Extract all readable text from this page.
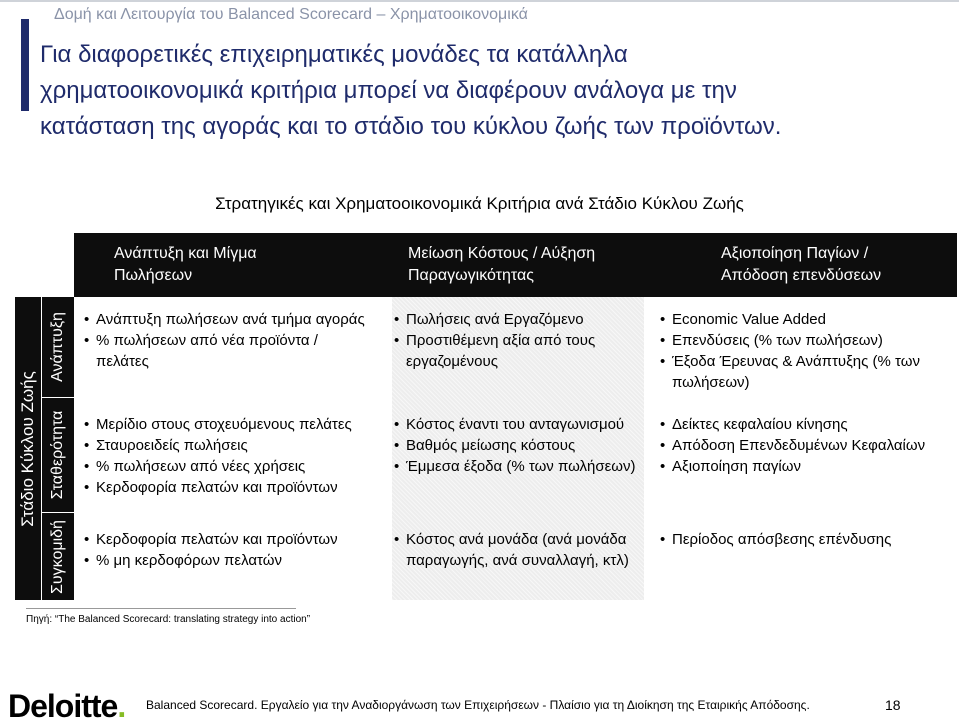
Δομή και Λειτουργία του Balanced Scorecard – Χρηματοοικονομικά
Για διαφορετικές επιχειρηματικές μονάδες τα κατάλληλα
χρηματοοικονομικά κριτήρια μπορεί να διαφέρουν ανάλογα με την
κατάσταση της αγοράς και το στάδιο του κύκλου ζωής των προϊόντων.
Στρατηγικές και Χρηματοοικονομικά Κριτήρια ανά Στάδιο Κύκλου Ζωής
Ανάπτυξη και Μίγμα
Πωλήσεων
Μείωση Κόστους / Αύξηση
Παραγωγικότητας
Αξιοποίηση Παγίων /
Απόδοση επενδύσεων
Στάδιο Κύκλου Ζωής
Ανάπτυξη
Σταθερότητα
Συγκομιδή
• Ανάπτυξη πωλήσεων ανά τμήμα αγοράς
• % πωλήσεων από νέα προϊόντα /
πελάτες
• Πωλήσεις ανά Εργαζόμενο
• Προστιθέμενη αξία από τους
εργαζομένους
• Economic Value Added
• Επενδύσεις (% των πωλήσεων)
• Έξοδα Έρευνας & Ανάπτυξης (% των
πωλήσεων)
• Μερίδιο στους στοχευόμενους πελάτες
• Σταυροειδείς πωλήσεις
• % πωλήσεων από νέες χρήσεις
• Κερδοφορία πελατών και προϊόντων
• Κόστος έναντι του ανταγωνισμού
• Βαθμός μείωσης κόστους
• Έμμεσα έξοδα (% των πωλήσεων)
• Δείκτες κεφαλαίου κίνησης
• Απόδοση Επενδεδυμένων Κεφαλαίων
• Αξιοποίηση παγίων
• Κερδοφορία πελατών και προϊόντων
• % μη κερδοφόρων πελατών
• Κόστος ανά μονάδα (ανά μονάδα
παραγωγής, ανά συναλλαγή, κτλ)
• Περίοδος απόσβεσης επένδυσης
Πηγή: “The Balanced Scorecard: translating strategy into action”
Deloitte. Balanced Scorecard. Εργαλείο για την Αναδιοργάνωση των Επιχειρήσεων - Πλαίσιο για τη Διοίκηση της Εταιρικής Απόδοσης.	18
